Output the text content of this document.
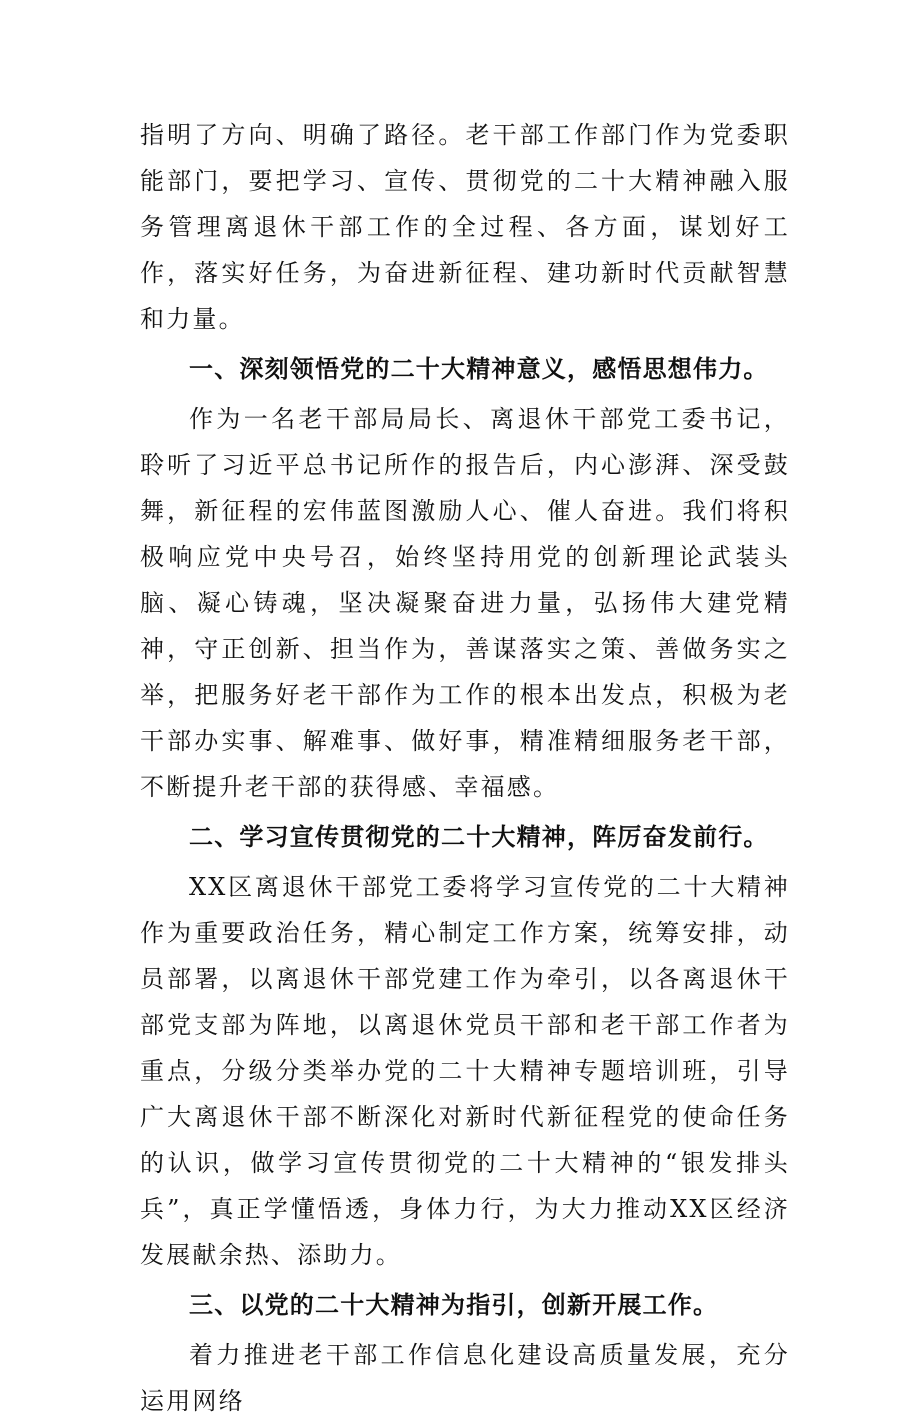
指明了方向、明确了路径。老干部工作部门作为党委职能部门，要把学习、宣传、贯彻党的二十大精神融入服务管理离退休干部工作的全过程、各方面，谋划好工作，落实好任务，为奋进新征程、建功新时代贡献智慧和力量。

一、深刻领悟党的二十大精神意义，感悟思想伟力。

作为一名老干部局局长、离退休干部党工委书记，聆听了习近平总书记所作的报告后，内心澎湃、深受鼓舞，新征程的宏伟蓝图激励人心、催人奋进。我们将积极响应党中央号召，始终坚持用党的创新理论武装头脑、凝心铸魂，坚决凝聚奋进力量，弘扬伟大建党精神，守正创新、担当作为，善谋落实之策、善做务实之举，把服务好老干部作为工作的根本出发点，积极为老干部办实事、解难事、做好事，精准精细服务老干部，不断提升老干部的获得感、幸福感。

二、学习宣传贯彻党的二十大精神，阵厉奋发前行。

XX区离退休干部党工委将学习宣传党的二十大精神作为重要政治任务，精心制定工作方案，统筹安排，动员部署，以离退休干部党建工作为牵引，以各离退休干部党支部为阵地，以离退休党员干部和老干部工作者为重点，分级分类举办党的二十大精神专题培训班，引导广大离退休干部不断深化对新时代新征程党的使命任务的认识，做学习宣传贯彻党的二十大精神的“银发排头兵”，真正学懂悟透，身体力行，为大力推动XX区经济发展献余热、添助力。

三、以党的二十大精神为指引，创新开展工作。

着力推进老干部工作信息化建设高质量发展，充分运用网络
